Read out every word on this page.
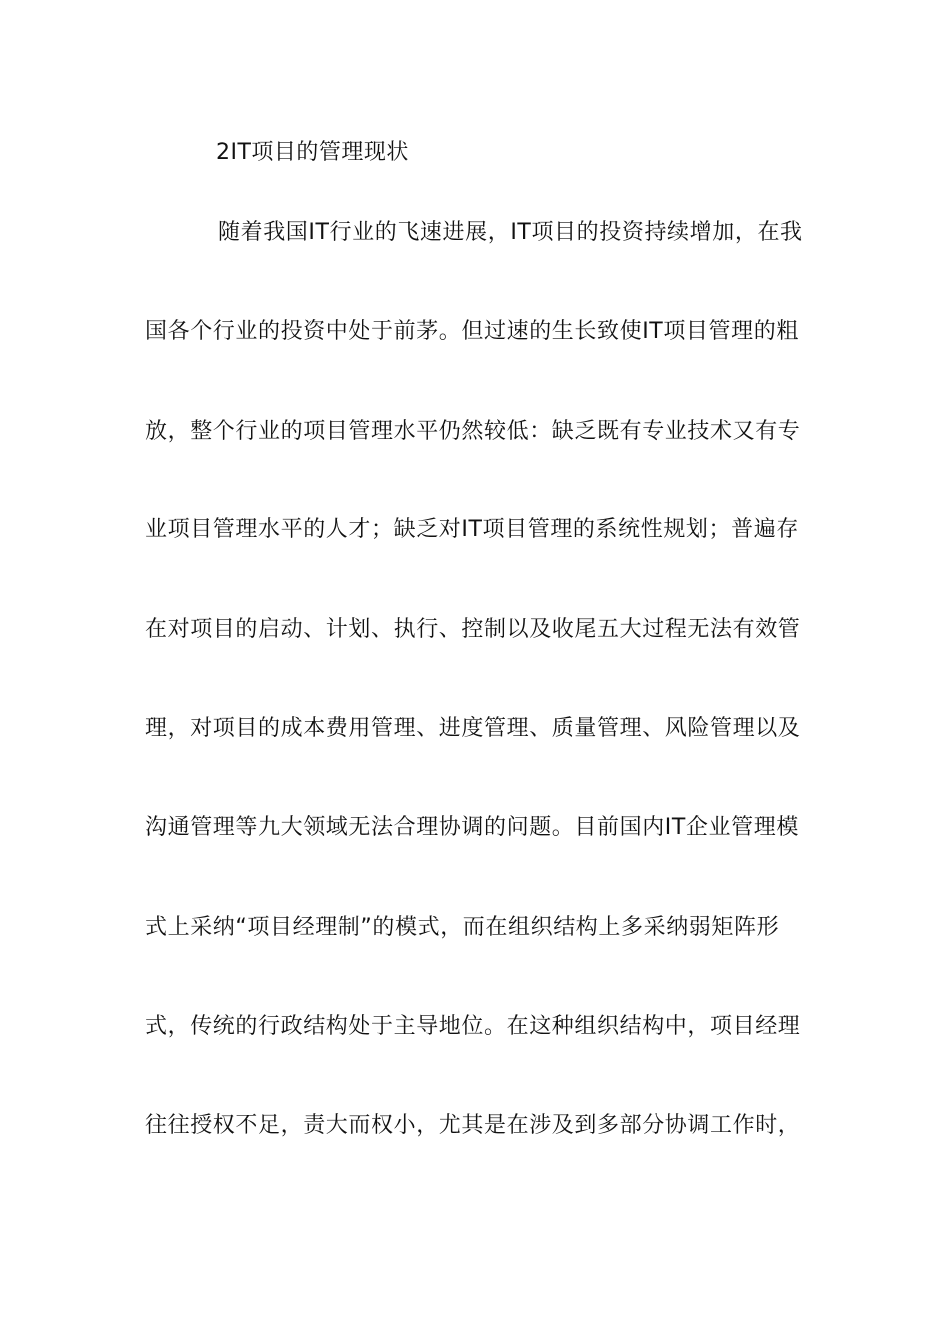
2IT项目的管理现状
随着我国IT行业的飞速进展，IT项目的投资持续增加，在我
国各个行业的投资中处于前茅。但过速的生长致使IT项目管理的粗
放，整个行业的项目管理水平仍然较低：缺乏既有专业技术又有专
业项目管理水平的人才；缺乏对IT项目管理的系统性规划；普遍存
在对项目的启动、计划、执行、控制以及收尾五大过程无法有效管
理，对项目的成本费用管理、进度管理、质量管理、风险管理以及
沟通管理等九大领域无法合理协调的问题。目前国内IT企业管理模
式上采纳“项目经理制”的模式，而在组织结构上多采纳弱矩阵形
式，传统的行政结构处于主导地位。在这种组织结构中，项目经理
往往授权不足，责大而权小，尤其是在涉及到多部分协调工作时，
